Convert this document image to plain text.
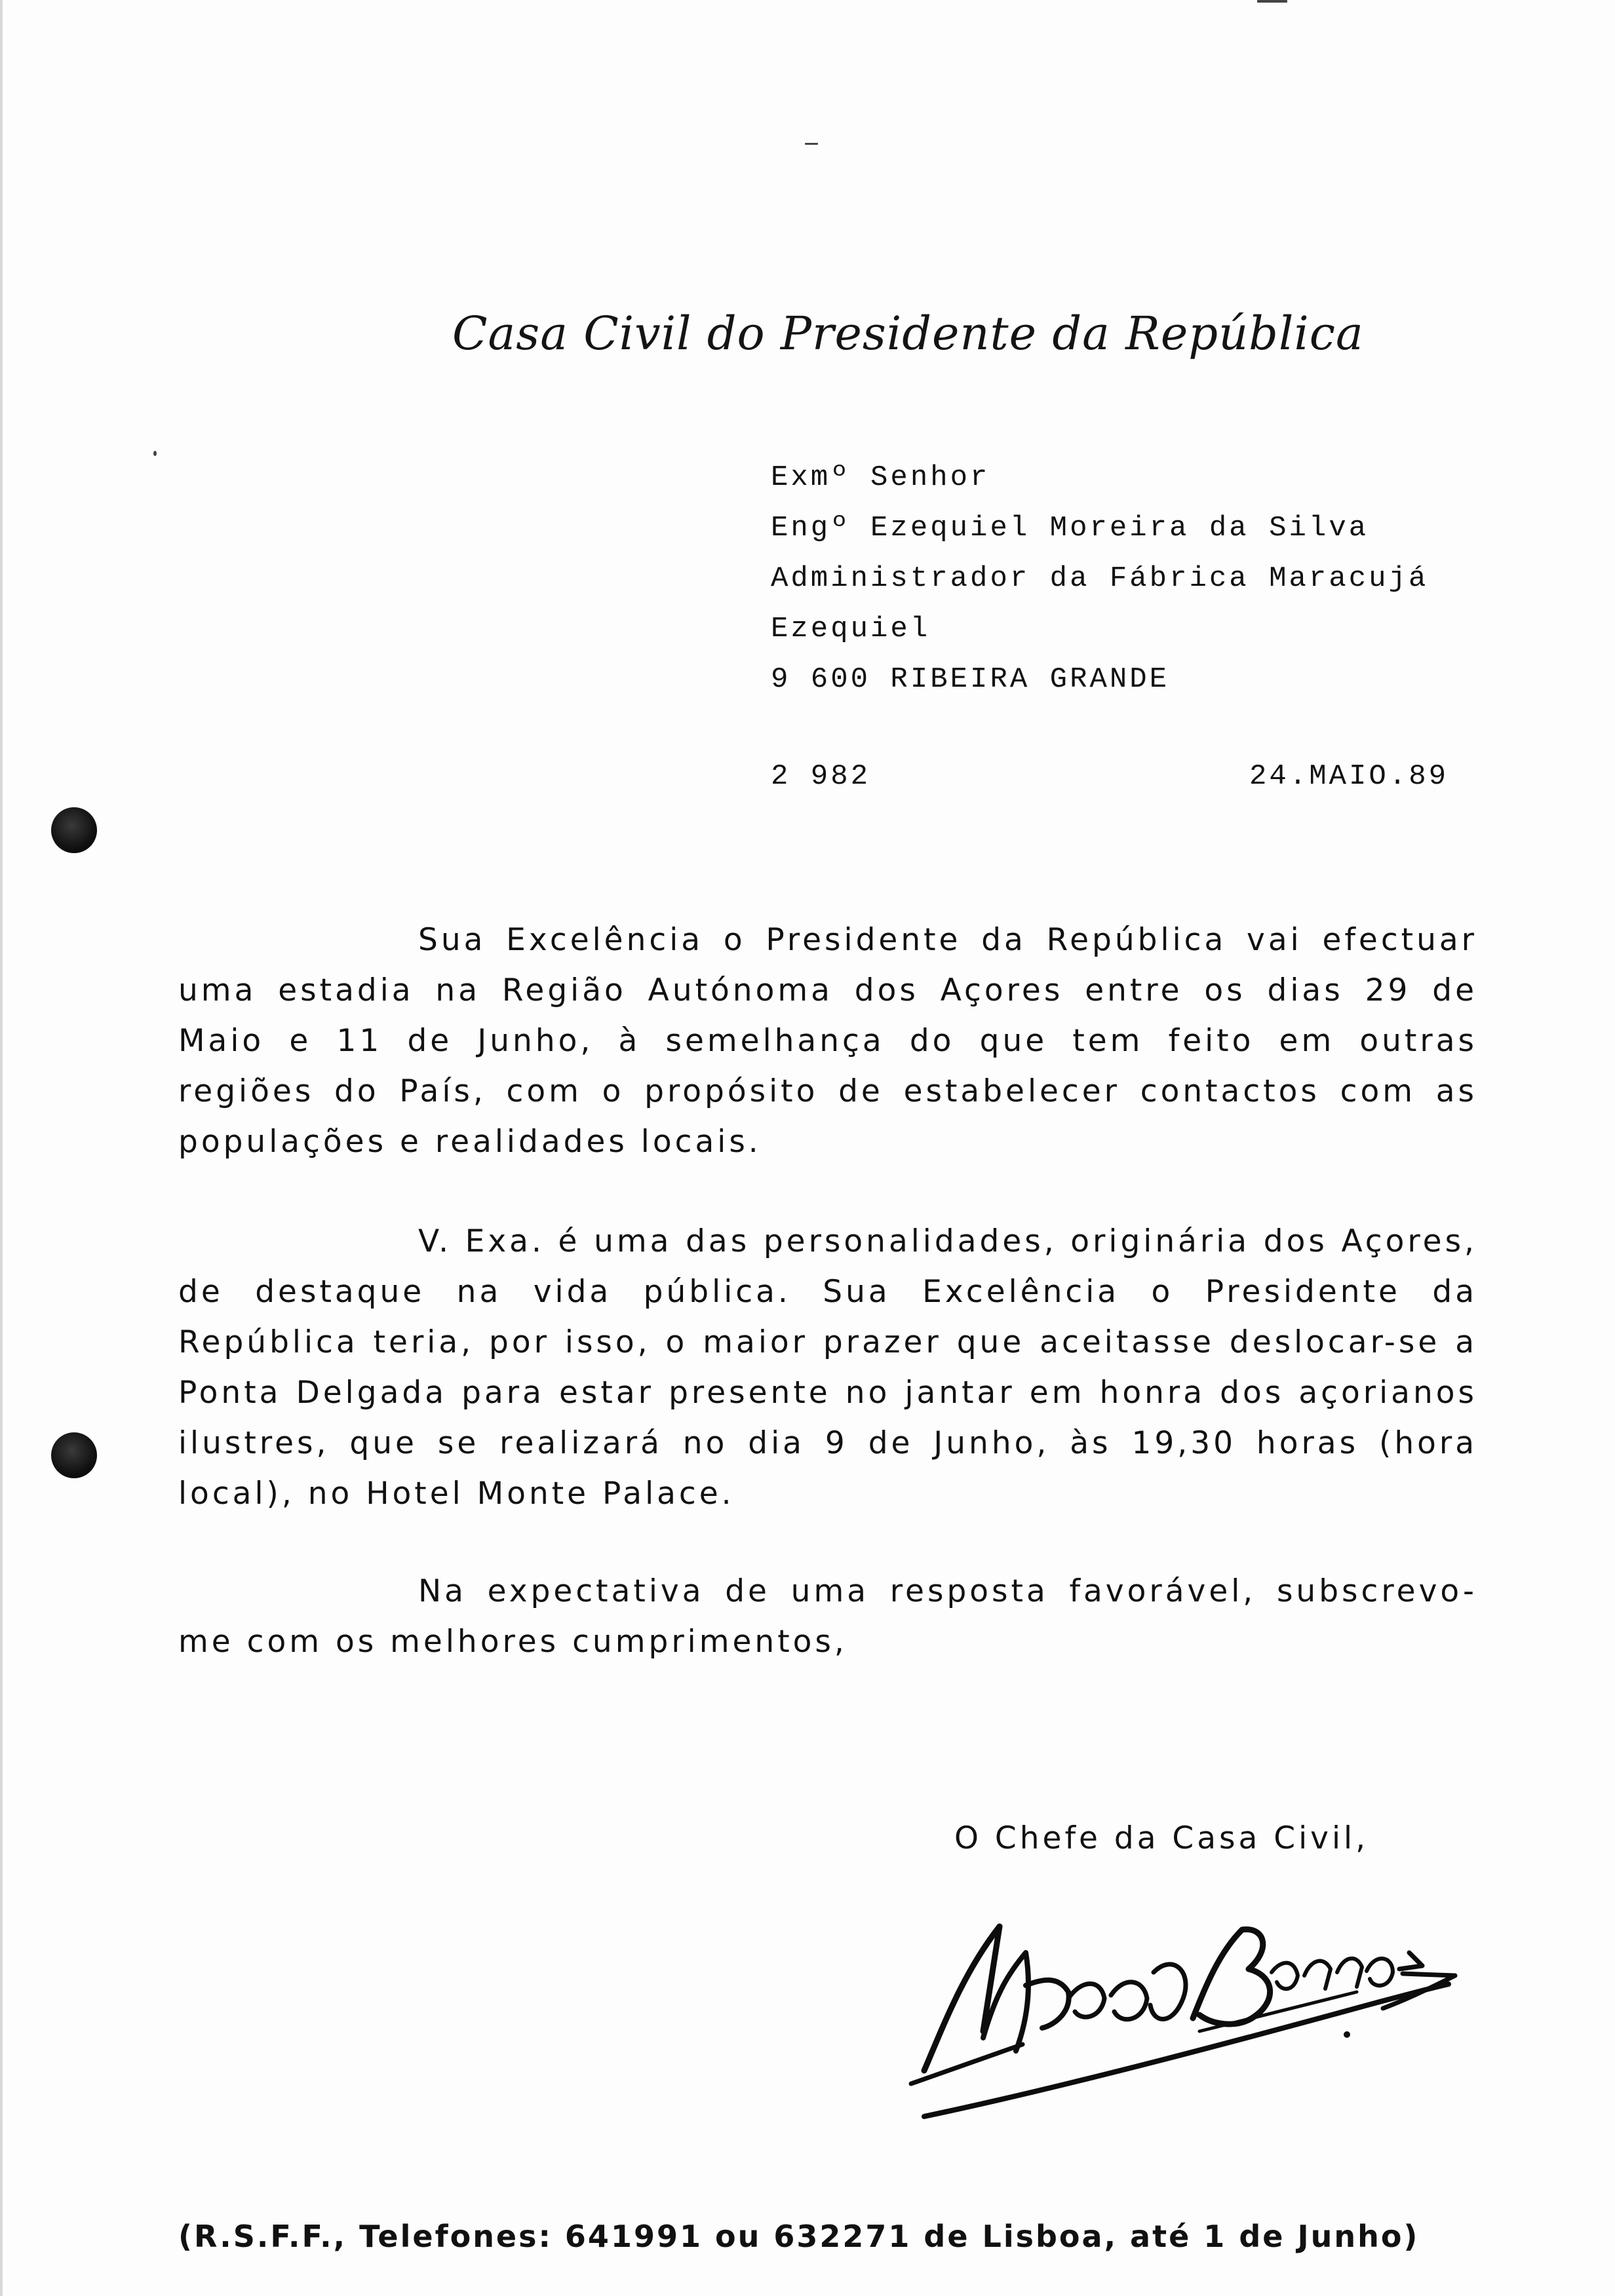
Casa Civil do Presidente da República
Exmº Senhor
Engº Ezequiel Moreira da Silva
Administrador da Fábrica Maracujá
Ezequiel
9 600 RIBEIRA GRANDE
2 982	24.MAIO.89
Sua Excelência o Presidente da República vai efectuar uma estadia na Região Autónoma dos Açores entre os dias 29 de Maio e 11 de Junho, à semelhança do que tem feito em outras regiões do País, com o propósito de estabelecer contactos com as populações e realidades locais.
V. Exa. é uma das personalidades, originária dos Açores, de destaque na vida pública. Sua Excelência o Presidente da República teria, por isso, o maior prazer que aceitasse deslocar-se a Ponta Delgada para estar presente no jantar em honra dos açorianos ilustres, que se realizará no dia 9 de Junho, às 19,30 horas (hora local), no Hotel Monte Palace.
Na expectativa de uma resposta favorável, subscrevo-me com os melhores cumprimentos,
O Chefe da Casa Civil,
(R.S.F.F., Telefones: 641991 ou 632271 de Lisboa, até 1 de Junho)
